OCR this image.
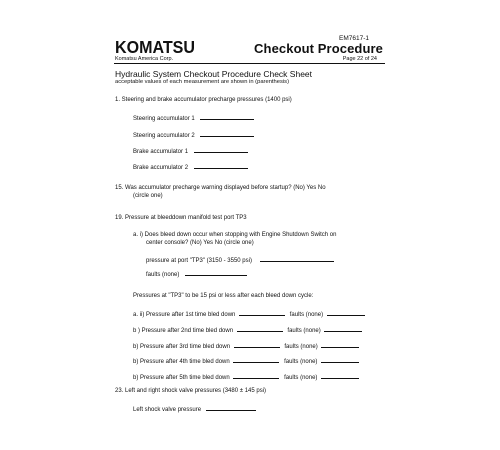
KOMATSU	EM7617-1
Checkout Procedure
Komatsu America Corp.	Page 22 of 24
Hydraulic System Checkout Procedure Check Sheet
acceptable values of each measurement are shown in (parenthesis)
1. Steering and brake accumulator precharge pressures (1400 psi)
Steering accumulator 1
Steering accumulator 2
Brake accumulator 1
Brake accumulator 2
15. Was accumulator precharge warning displayed before startup? (No) Yes No
(circle one)
19. Pressure at bleeddown manifold test port TP3
a. i) Does bleed down occur when stopping with Engine Shutdown Switch on
center console? (No) Yes No (circle one)
pressure at port "TP3" (3150 - 3550 psi)
faults (none)
Pressures at "TP3" to be 15 psi or less after each bleed down cycle:
a. ii) Pressure after 1st time bled down	faults (none)
b ) Pressure after 2nd time bled down	faults (none)
b) Pressure after 3rd time bled down	faults (none)
b) Pressure after 4th time bled down	faults (none)
b) Pressure after 5th time bled down	faults (none)
23. Left and right shock valve pressures (3480 ± 145 psi)
Left shock valve pressure
